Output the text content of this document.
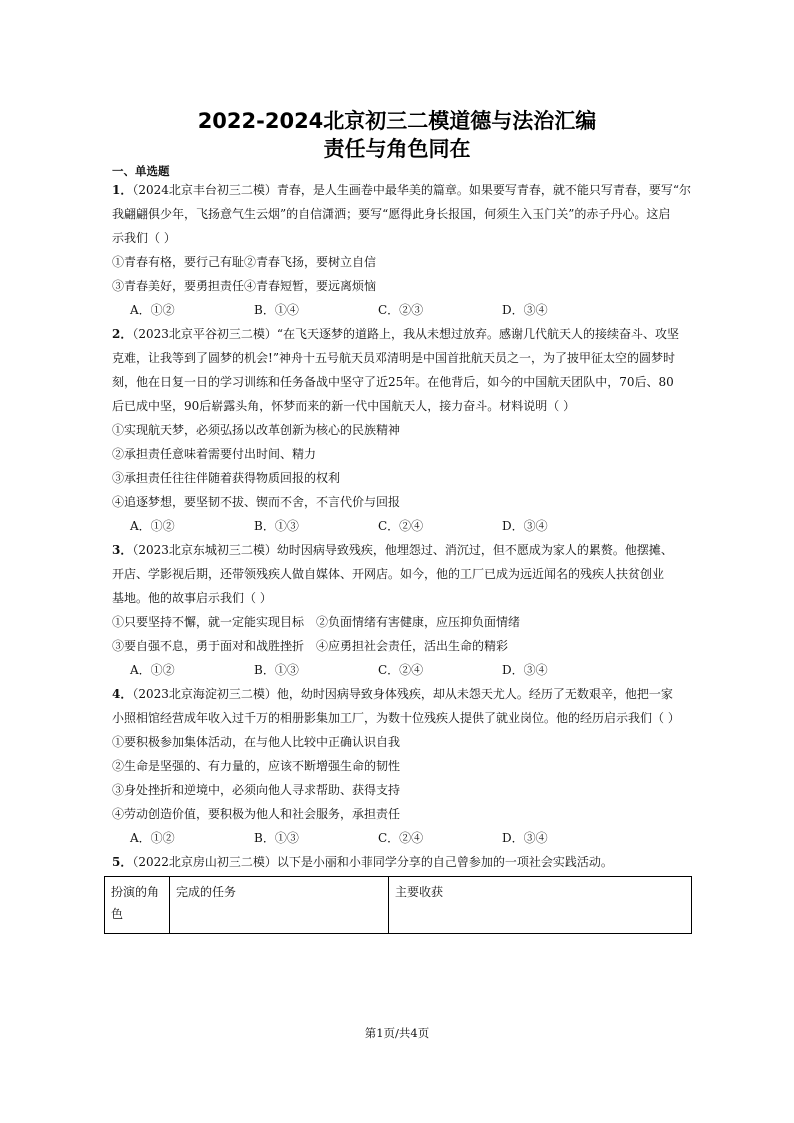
2022-2024北京初三二模道德与法治汇编
责任与角色同在
一、单选题
1．（2024北京丰台初三二模）青春，是人生画卷中最华美的篇章。如果要写青春，就不能只写青春，要写“尔
我翩翩俱少年，飞扬意气生云烟”的自信潇洒；要写“愿得此身长报国，何须生入玉门关”的赤子丹心。这启
示我们（ ）
①青春有格，要行己有耻②青春飞扬，要树立自信
③青春美好，要勇担责任④青春短暂，要远离烦恼
A．①②	B．①④	C．②③	D．③④
2．（2023北京平谷初三二模）“在飞天逐梦的道路上，我从未想过放弃。感谢几代航天人的接续奋斗、攻坚
克难，让我等到了圆梦的机会!”神舟十五号航天员邓清明是中国首批航天员之一，为了披甲征太空的圆梦时
刻，他在日复一日的学习训练和任务备战中坚守了近25年。在他背后，如今的中国航天团队中，70后、80
后已成中坚，90后崭露头角，怀梦而来的新一代中国航天人，接力奋斗。材料说明（ ）
①实现航天梦，必须弘扬以改革创新为核心的民族精神
②承担责任意味着需要付出时间、精力
③承担责任往往伴随着获得物质回报的权利
④追逐梦想，要坚韧不拔、锲而不舍，不言代价与回报
A．①②	B．①③	C．②④	D．③④
3．（2023北京东城初三二模）幼时因病导致残疾，他埋怨过、消沉过，但不愿成为家人的累赘。他摆摊、
开店、学影视后期，还带领残疾人做自媒体、开网店。如今，他的工厂已成为远近闻名的残疾人扶贫创业
基地。他的故事启示我们（ ）
①只要坚持不懈，就一定能实现目标　②负面情绪有害健康，应压抑负面情绪
③要自强不息，勇于面对和战胜挫折　④应勇担社会责任，活出生命的精彩
A．①②	B．①③	C．②④	D．③④
4．（2023北京海淀初三二模）他，幼时因病导致身体残疾，却从未怨天尤人。经历了无数艰辛，他把一家
小照相馆经营成年收入过千万的相册影集加工厂，为数十位残疾人提供了就业岗位。他的经历启示我们（ ）
①要积极参加集体活动，在与他人比较中正确认识自我
②生命是坚强的、有力量的，应该不断增强生命的韧性
③身处挫折和逆境中，必须向他人寻求帮助、获得支持
④劳动创造价值，要积极为他人和社会服务，承担责任
A．①②	B．①③	C．②④	D．③④
5．（2022北京房山初三二模）以下是小丽和小菲同学分享的自己曾参加的一项社会实践活动。
扮演的角色	完成的任务	主要收获
第1页/共4页
